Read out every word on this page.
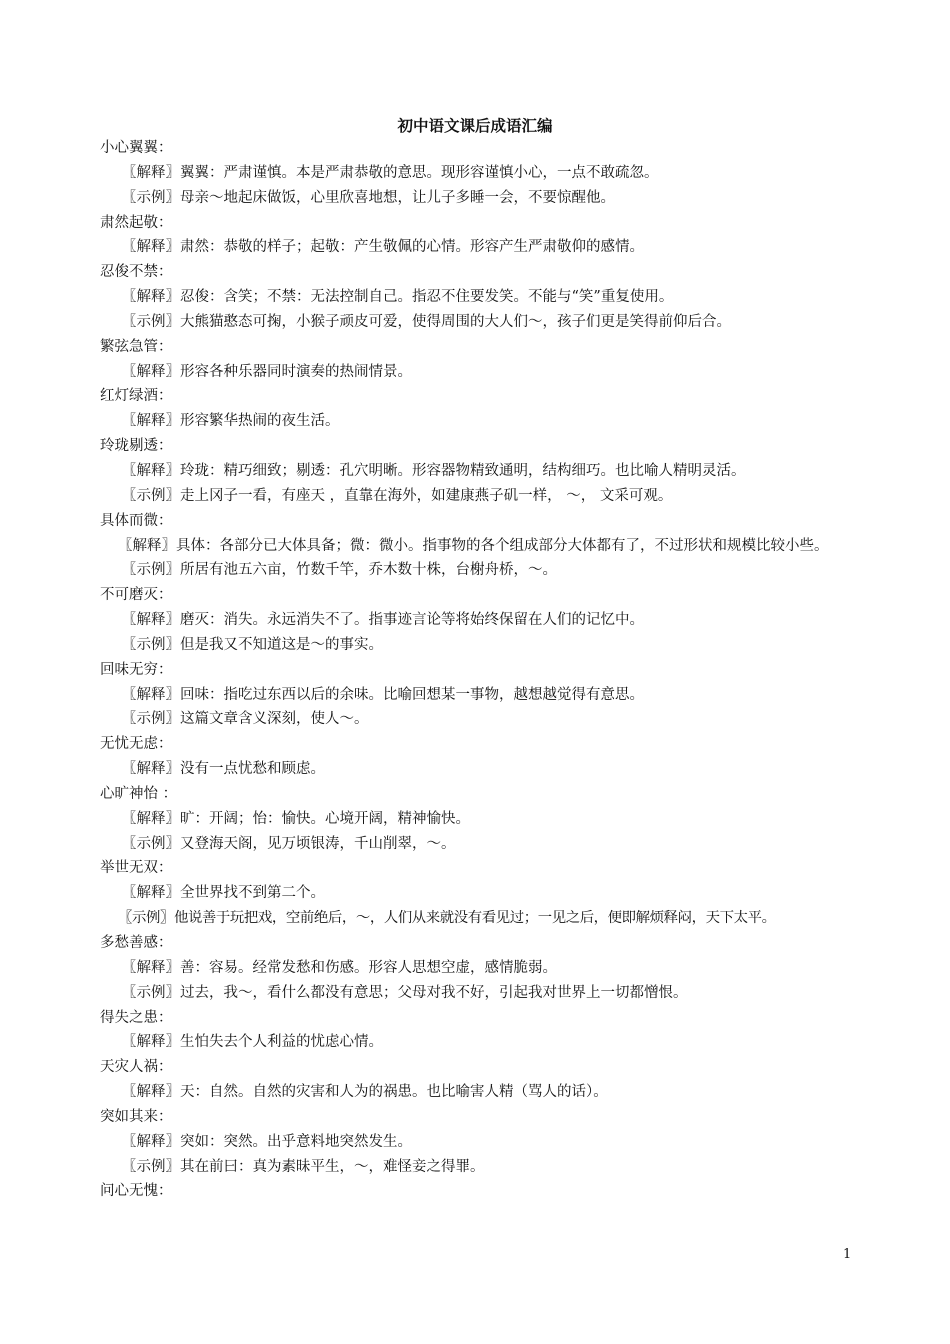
初中语文课后成语汇编
小心翼翼：
〖解释〗翼翼：严肃谨慎。本是严肃恭敬的意思。现形容谨慎小心，一点不敢疏忽。
〖示例〗母亲～地起床做饭，心里欣喜地想，让儿子多睡一会，不要惊醒他。
肃然起敬：
〖解释〗肃然：恭敬的样子；起敬：产生敬佩的心情。形容产生严肃敬仰的感情。
忍俊不禁：
〖解释〗忍俊：含笑；不禁：无法控制自己。指忍不住要发笑。不能与“笑”重复使用。
〖示例〗大熊猫憨态可掬，小猴子顽皮可爱，使得周围的大人们～，孩子们更是笑得前仰后合。
繁弦急管：
〖解释〗形容各种乐器同时演奏的热闹情景。
红灯绿酒：
〖解释〗形容繁华热闹的夜生活。
玲珑剔透：
〖解释〗玲珑：精巧细致；剔透：孔穴明晰。形容器物精致通明，结构细巧。也比喻人精明灵活。
〖示例〗走上冈子一看，有座天 ，直靠在海外，如建康燕子矶一样， ～， 文采可观。
具体而微：
〖解释〗具体：各部分已大体具备；微：微小。指事物的各个组成部分大体都有了，不过形状和规模比较小些。
〖示例〗所居有池五六亩，竹数千竿，乔木数十株，台榭舟桥，～。
不可磨灭：
〖解释〗磨灭：消失。永远消失不了。指事迹言论等将始终保留在人们的记忆中。
〖示例〗但是我又不知道这是～的事实。
回味无穷：
〖解释〗回味：指吃过东西以后的余味。比喻回想某一事物，越想越觉得有意思。
〖示例〗这篇文章含义深刻，使人～。
无忧无虑：
〖解释〗没有一点忧愁和顾虑。
心旷神怡 ：
〖解释〗旷：开阔；怡：愉快。心境开阔，精神愉快。
〖示例〗又登海天阁，见万顷银涛，千山削翠，～。
举世无双：
〖解释〗全世界找不到第二个。
〖示例〗他说善于玩把戏，空前绝后，～，人们从来就没有看见过；一见之后，便即解烦释闷，天下太平。
多愁善感：
〖解释〗善：容易。经常发愁和伤感。形容人思想空虚，感情脆弱。
〖示例〗过去，我～，看什么都没有意思；父母对我不好，引起我对世界上一切都憎恨。
得失之患：
〖解释〗生怕失去个人利益的忧虑心情。
天灾人祸：
〖解释〗天：自然。自然的灾害和人为的祸患。也比喻害人精（骂人的话）。
突如其来：
〖解释〗突如：突然。出乎意料地突然发生。
〖示例〗其在前曰：真为素昧平生，～，难怪妾之得罪。
问心无愧：
1
